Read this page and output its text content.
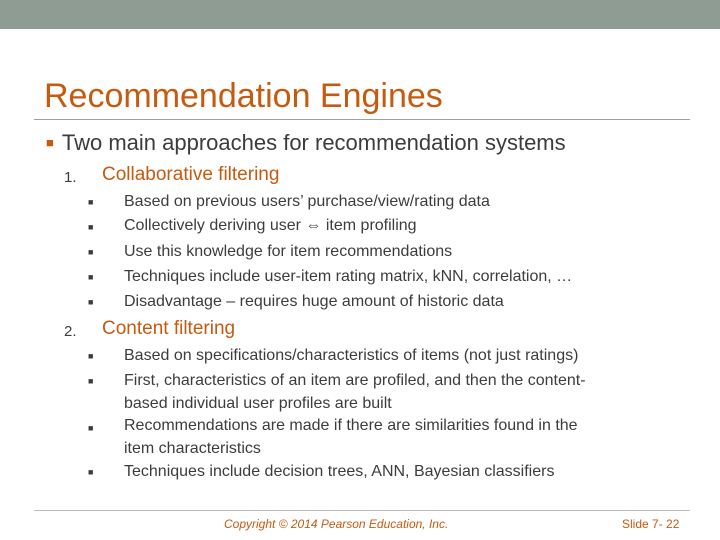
Recommendation Engines
■ Two main approaches for recommendation systems
1. Collaborative filtering
■ Based on previous users’ purchase/view/rating data
■ Collectively deriving user ⇔ item profiling
■ Use this knowledge for item recommendations
■ Techniques include user-item rating matrix, kNN, correlation, …
■ Disadvantage – requires huge amount of historic data
2. Content filtering
■ Based on specifications/characteristics of items (not just ratings)
■ First, characteristics of an item are profiled, and then the content-
based individual user profiles are built
■ Recommendations are made if there are similarities found in the
item characteristics
■ Techniques include decision trees, ANN, Bayesian classifiers
Copyright © 2014 Pearson Education, Inc.	Slide 7- 22
